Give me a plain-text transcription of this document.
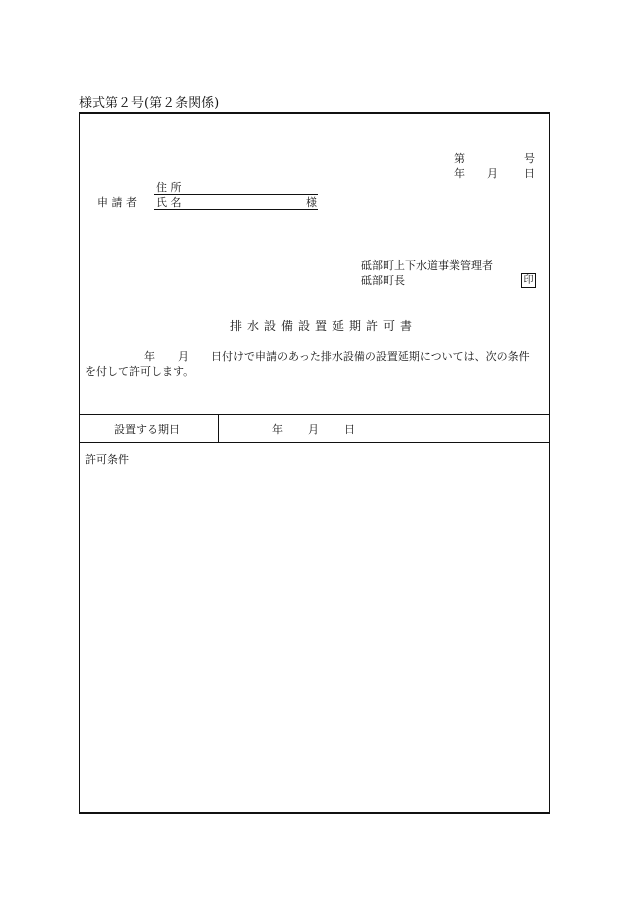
様式第２号(第２条関係)
第	号
年 月 日
住 所
申 請 者 氏 名	様
砥部町上下水道事業管理者
砥部町長	印
排水設備設置延期許可書
年 月 日付けで申請のあった排水設備の設置延期については、次の条件
を付して許可します。
設置する期日	年 月 日
許可条件
